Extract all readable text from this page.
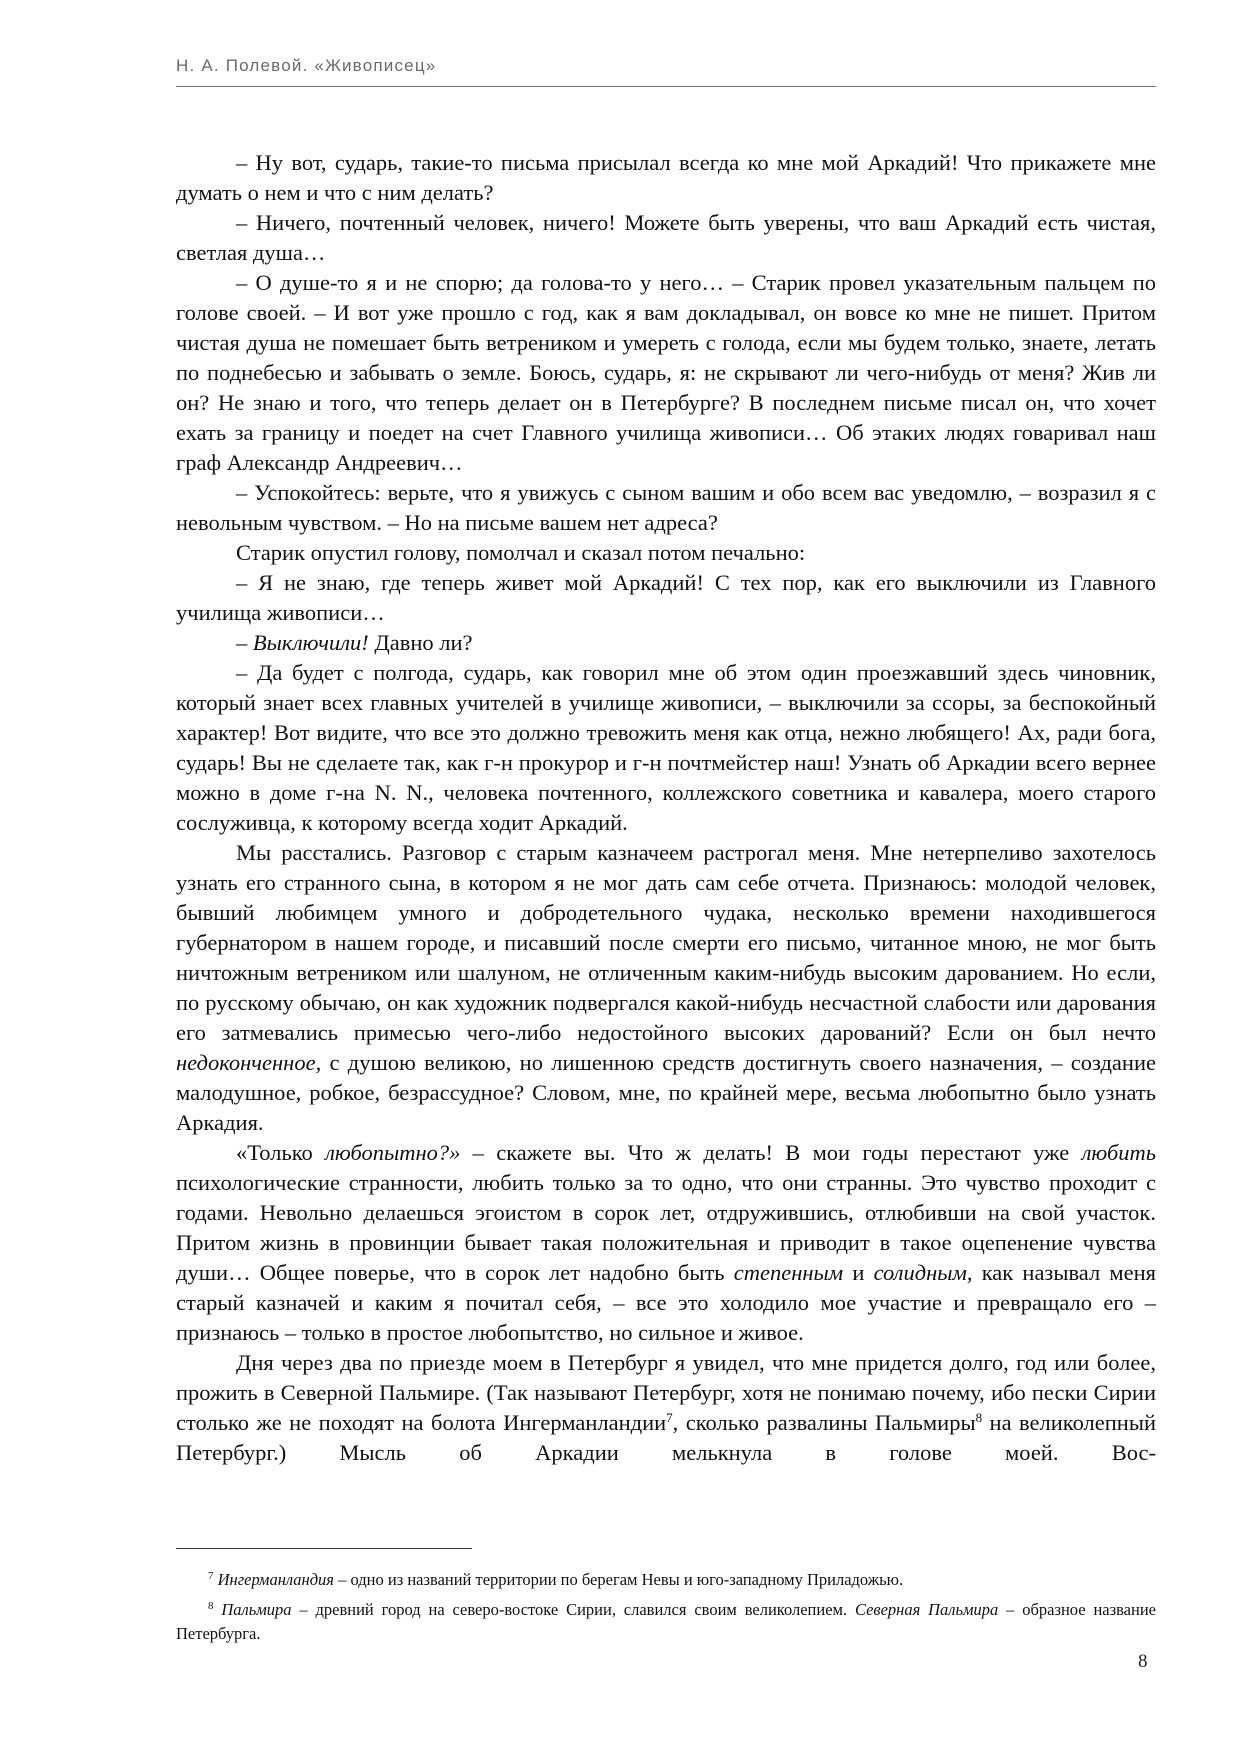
Н. А. Полевой. «Живописец»

– Ну вот, сударь, такие-то письма присылал всегда ко мне мой Аркадий! Что прикажете мне думать о нем и что с ним делать?

– Ничего, почтенный человек, ничего! Можете быть уверены, что ваш Аркадий есть чистая, светлая душа…

– О душе-то я и не спорю; да голова-то у него… – Старик провел указательным пальцем по голове своей. – И вот уже прошло с год, как я вам докладывал, он вовсе ко мне не пишет. Притом чистая душа не помешает быть ветреником и умереть с голода, если мы будем только, знаете, летать по поднебесью и забывать о земле. Боюсь, сударь, я: не скрывают ли чего-нибудь от меня? Жив ли он? Не знаю и того, что теперь делает он в Петербурге? В последнем письме писал он, что хочет ехать за границу и поедет на счет Главного училища живописи… Об этаких людях говаривал наш граф Александр Андреевич…

– Успокойтесь: верьте, что я увижусь с сыном вашим и обо всем вас уведомлю, – возразил я с невольным чувством. – Но на письме вашем нет адреса?

Старик опустил голову, помолчал и сказал потом печально:

– Я не знаю, где теперь живет мой Аркадий! С тех пор, как его выключили из Главного училища живописи…

– Выключили! Давно ли?

– Да будет с полгода, сударь, как говорил мне об этом один проезжавший здесь чиновник, который знает всех главных учителей в училище живописи, – выключили за ссоры, за беспокойный характер! Вот видите, что все это должно тревожить меня как отца, нежно любящего! Ах, ради бога, сударь! Вы не сделаете так, как г-н прокурор и г-н почтмейстер наш! Узнать об Аркадии всего вернее можно в доме г-на N. N., человека почтенного, коллежского советника и кавалера, моего старого сослуживца, к которому всегда ходит Аркадий.

Мы расстались. Разговор с старым казначеем растрогал меня. Мне нетерпеливо захотелось узнать его странного сына, в котором я не мог дать сам себе отчета. Признаюсь: молодой человек, бывший любимцем умного и добродетельного чудака, несколько времени находившегося губернатором в нашем городе, и писавший после смерти его письмо, читанное мною, не мог быть ничтожным ветреником или шалуном, не отличенным каким-нибудь высоким дарованием. Но если, по русскому обычаю, он как художник подвергался какой-нибудь несчастной слабости или дарования его затмевались примесью чего-либо недостойного высоких дарований? Если он был нечто недоконченное, с душою великою, но лишенною средств достигнуть своего назначения, – создание малодушное, робкое, безрассудное? Словом, мне, по крайней мере, весьма любопытно было узнать Аркадия.

«Только любопытно?» – скажете вы. Что ж делать! В мои годы перестают уже любить психологические странности, любить только за то одно, что они странны. Это чувство проходит с годами. Невольно делаешься эгоистом в сорок лет, отдружившись, отлюбивши на свой участок. Притом жизнь в провинции бывает такая положительная и приводит в такое оцепенение чувства души… Общее поверье, что в сорок лет надобно быть степенным и солидным, как называл меня старый казначей и каким я почитал себя, – все это холодило мое участие и превращало его – признаюсь – только в простое любопытство, но сильное и живое.

Дня через два по приезде моем в Петербург я увидел, что мне придется долго, год или более, прожить в Северной Пальмире. (Так называют Петербург, хотя не понимаю почему, ибо пески Сирии столько же не походят на болота Ингерманландии$^7$, сколько развалины Пальмиры$^8$ на великолепный Петербург.) Мысль об Аркадии мелькнула в голове моей. Вос-

$^7$ Ингерманландия – одно из названий территории по берегам Невы и юго-западному Приладожью.

$^8$ Пальмира – древний город на северо-востоке Сирии, славился своим великолепием. Северная Пальмира – образное название Петербурга.

8
